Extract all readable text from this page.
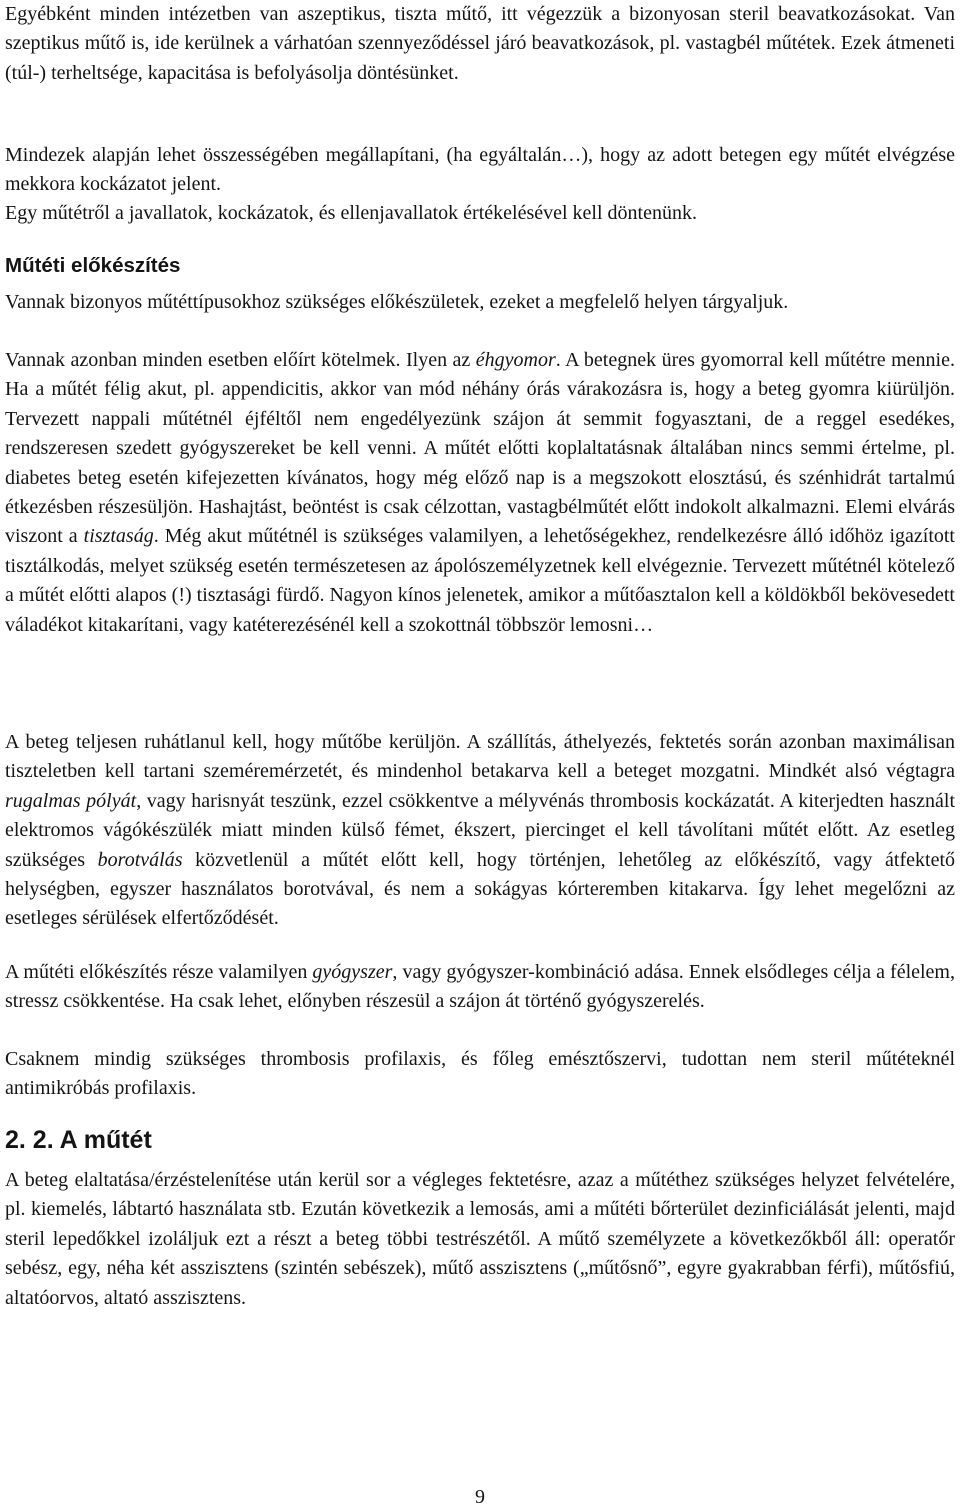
Egyébként minden intézetben van aszeptikus, tiszta műtő, itt végezzük a bizonyosan steril beavatkozásokat. Van szeptikus műtő is, ide kerülnek a várhatóan szennyeződéssel járó beavatkozások, pl. vastagbél műtétek. Ezek átmeneti (túl-) terheltsége, kapacitása is befolyásolja döntésünket.

Mindezek alapján lehet összességében megállapítani, (ha egyáltalán…), hogy az adott betegen egy műtét elvégzése mekkora kockázatot jelent.

Egy műtétről a javallatok, kockázatok, és ellenjavallatok értékelésével kell döntenünk.

Műtéti előkészítés

Vannak bizonyos műtéttípusokhoz szükséges előkészületek, ezeket a megfelelő helyen tárgyaljuk.

Vannak azonban minden esetben előírt kötelmek. Ilyen az éhgyomor. A betegnek üres gyomorral kell műtétre mennie. Ha a műtét félig akut, pl. appendicitis, akkor van mód néhány órás várakozásra is, hogy a beteg gyomra kiürüljön. Tervezett nappali műtétnél éjféltől nem engedélyezünk szájon át semmit fogyasztani, de a reggel esedékes, rendszeresen szedett gyógyszereket be kell venni. A műtét előtti koplaltatásnak általában nincs semmi értelme, pl. diabetes beteg esetén kifejezetten kívánatos, hogy még előző nap is a megszokott elosztású, és szénhidrát tartalmú étkezésben részesüljön. Hashajtást, beöntést is csak célzottan, vastagbélműtét előtt indokolt alkalmazni. Elemi elvárás viszont a tisztaság. Még akut műtétnél is szükséges valamilyen, a lehetőségekhez, rendelkezésre álló időhöz igazított tisztálkodás, melyet szükség esetén természetesen az ápolószemélyzetnek kell elvégeznie. Tervezett műtétnél kötelező a műtét előtti alapos (!) tisztasági fürdő. Nagyon kínos jelenetek, amikor a műtőasztalon kell a köldökből bekövesedett váladékot kitakarítani, vagy katéterezésénél kell a szokottnál többször lemosni…

A beteg teljesen ruhátlanul kell, hogy műtőbe kerüljön. A szállítás, áthelyezés, fektetés során azonban maximálisan tiszteletben kell tartani szeméremérzetét, és mindenhol betakarva kell a beteget mozgatni. Mindkét alsó végtagra rugalmas pólyát, vagy harisnyát teszünk, ezzel csökkentve a mélyvénás thrombosis kockázatát. A kiterjedten használt elektromos vágókészülék miatt minden külső fémet, ékszert, piercinget el kell távolítani műtét előtt. Az esetleg szükséges borotválás közvetlenül a műtét előtt kell, hogy történjen, lehetőleg az előkészítő, vagy átfektető helységben, egyszer használatos borotvával, és nem a sokágyas kórteremben kitakarva. Így lehet megelőzni az esetleges sérülések elfertőződését.

A műtéti előkészítés része valamilyen gyógyszer, vagy gyógyszer-kombináció adása. Ennek elsődleges célja a félelem, stressz csökkentése. Ha csak lehet, előnyben részesül a szájon át történő gyógyszerelés.

Csaknem mindig szükséges thrombosis profilaxis, és főleg emésztőszervi, tudottan nem steril műtéteknél antimikróbás profilaxis.

2. 2. A műtét

A beteg elaltatása/érzéstelenítése után kerül sor a végleges fektetésre, azaz a műtéthez szükséges helyzet felvételére, pl. kiemelés, lábtartó használata stb. Ezután következik a lemosás, ami a műtéti bőrterület dezinficiálását jelenti, majd steril lepedőkkel izoláljuk ezt a részt a beteg többi testrészétől. A műtő személyzete a következőkből áll: operatőr sebész, egy, néha két asszisztens (szintén sebészek), műtő asszisztens („műtősnő”, egyre gyakrabban férfi), műtősfiú, altatóorvos, altató asszisztens.

9
